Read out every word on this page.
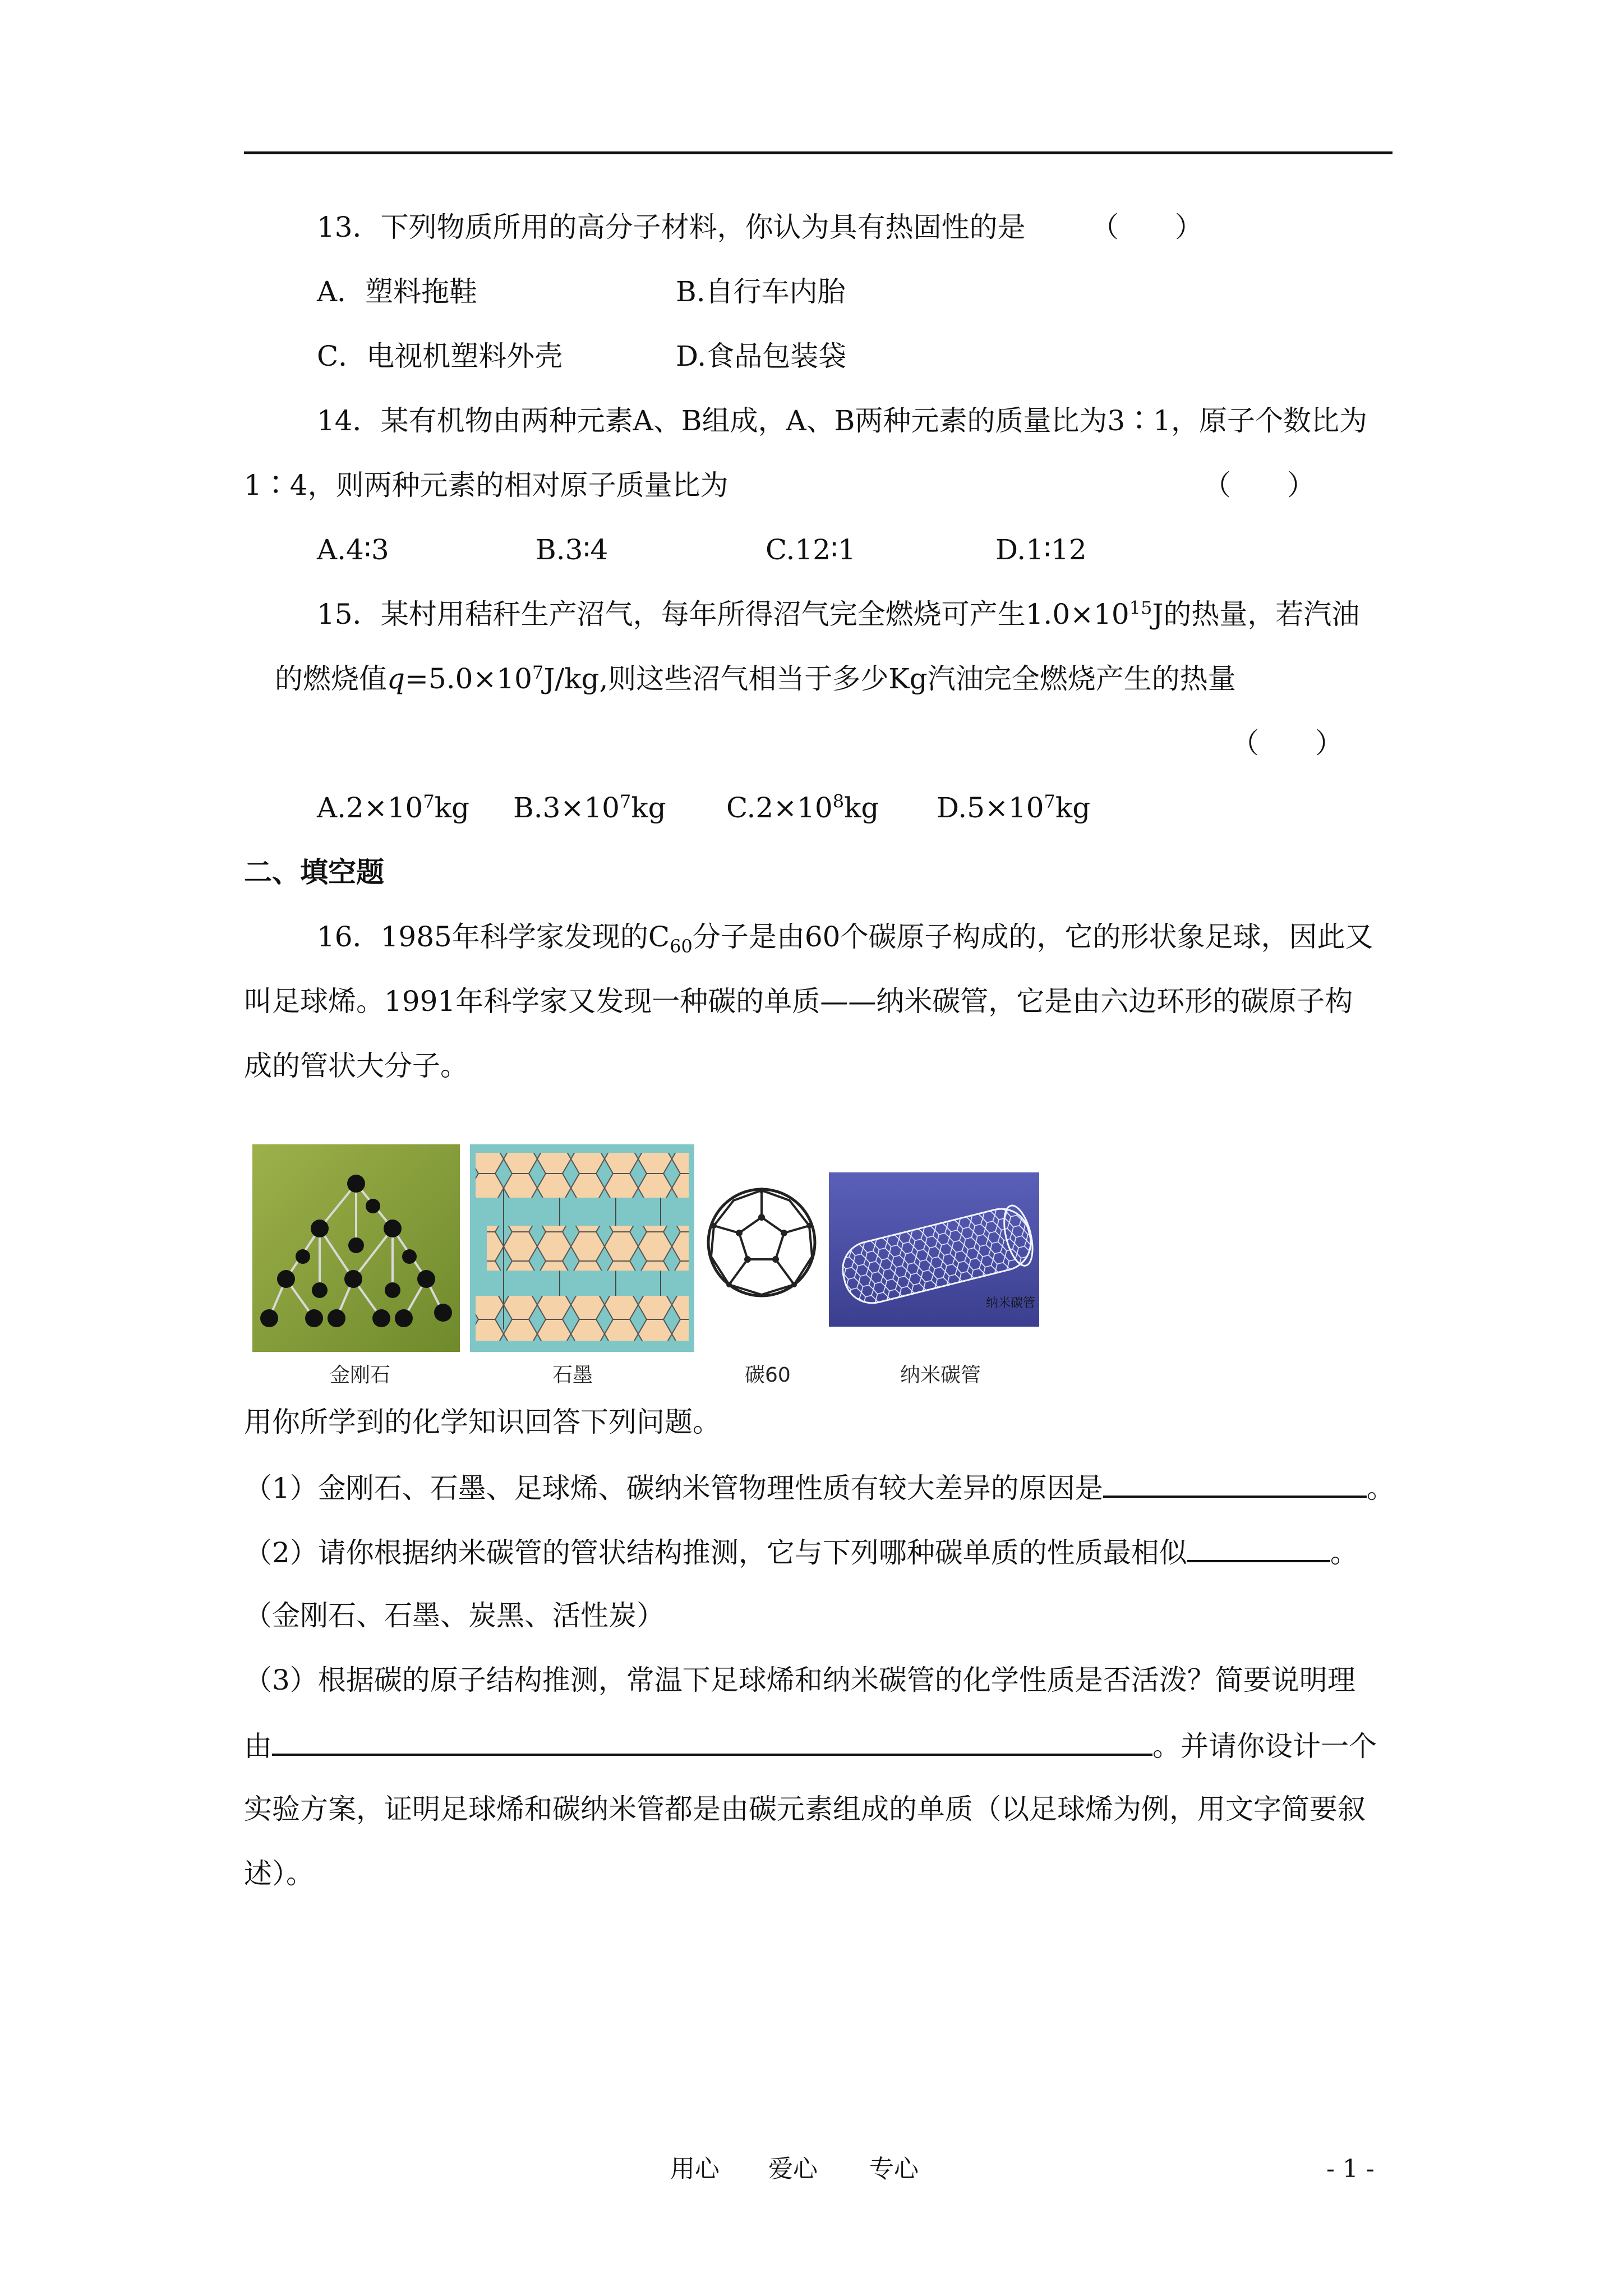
13．下列物质所用的高分子材料，你认为具有热固性的是 （　　）
A．塑料拖鞋	B.自行车内胎
C．电视机塑料外壳	D.食品包装袋
14．某有机物由两种元素A、B组成，A、B两种元素的质量比为3∶1，原子个数比为
1∶4，则两种元素的相对原子质量比为	（　　）
A.4∶3	B.3∶4	C.12∶1	D.1∶12
15．某村用秸秆生产沼气，每年所得沼气完全燃烧可产生$1.0\times 10^{15}J$的热量，若汽油
的燃烧值$q=5.0\times 10^7J/kg$,则这些沼气相当于多少Kg汽油完全燃烧产生的热量
（　　）
$A.2\times 10^7kg$ $B.3\times 10^7kg$ $C.2\times 10^8kg$ $D.5\times 10^7kg$
二、填空题
16．1985年科学家发现的$C_{60}$分子是由60个碳原子构成的，它的形状象足球，因此又
叫足球烯。1991年科学家又发现一种碳的单质——纳米碳管，它是由六边环形的碳原子构
成的管状大分子。
纳米碳管
金刚石	石墨	碳60	纳米碳管
用你所学到的化学知识回答下列问题。
（1）金刚石、石墨、足球烯、碳纳米管物理性质有较大差异的原因是	。
（2）请你根据纳米碳管的管状结构推测，它与下列哪种碳单质的性质最相似	。
（金刚石、石墨、炭黑、活性炭）
（3）根据碳的原子结构推测，常温下足球烯和纳米碳管的化学性质是否活泼？简要说明理
由	。并请你设计一个
实验方案，证明足球烯和碳纳米管都是由碳元素组成的单质（以足球烯为例，用文字简要叙
述）。
用心 爱心 专心	- 1 -
